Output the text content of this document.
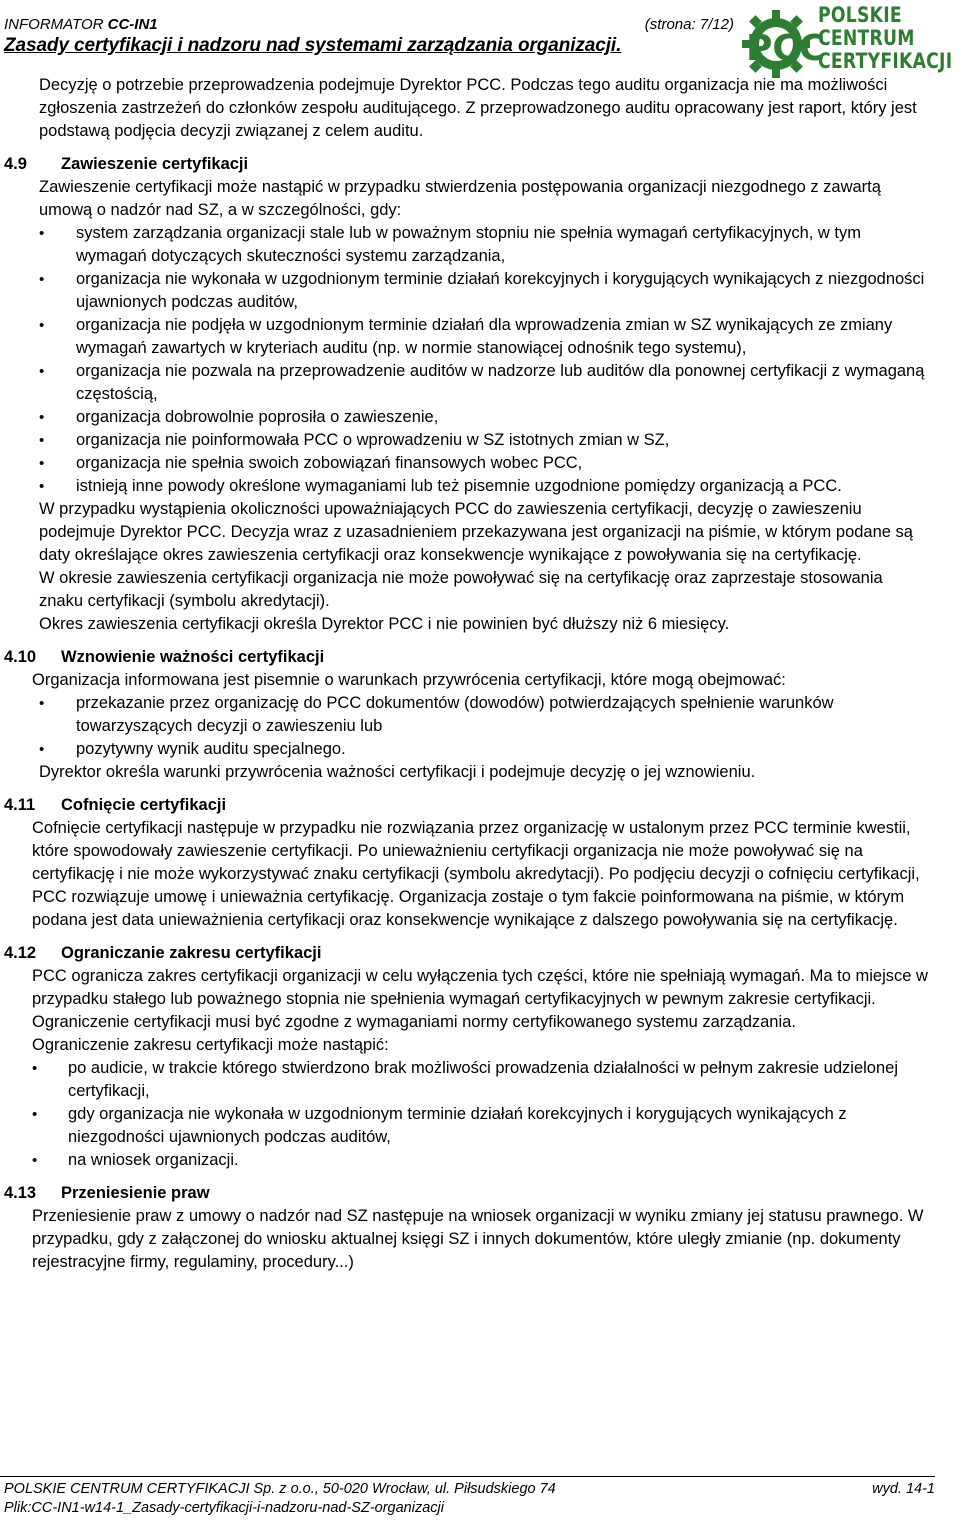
INFORMATOR CC-IN1	(strona: 7/12)
Zasady certyfikacji i nadzoru nad systemami zarządzania organizacji.	PCC
POLSKIE
CENTRUM
CERTYFIKACJI

Decyzję o potrzebie przeprowadzenia podejmuje Dyrektor PCC. Podczas tego auditu organizacja nie ma możliwości zgłoszenia zastrzeżeń do członków zespołu auditującego. Z przeprowadzonego auditu opracowany jest raport, który jest podstawą podjęcia decyzji związanej z celem auditu.

4.9 Zawieszenie certyfikacji

Zawieszenie certyfikacji może nastąpić w przypadku stwierdzenia postępowania organizacji niezgodnego z zawartą umową o nadzór nad SZ, a w szczególności, gdy:

• system zarządzania organizacji stale lub w poważnym stopniu nie spełnia wymagań certyfikacyjnych, w tym wymagań dotyczących skuteczności systemu zarządzania,
• organizacja nie wykonała w uzgodnionym terminie działań korekcyjnych i korygujących wynikających z niezgodności ujawnionych podczas auditów,
• organizacja nie podjęła w uzgodnionym terminie działań dla wprowadzenia zmian w SZ wynikających ze zmiany wymagań zawartych w kryteriach auditu (np. w normie stanowiącej odnośnik tego systemu),
• organizacja nie pozwala na przeprowadzenie auditów w nadzorze lub auditów dla ponownej certyfikacji z wymaganą częstością,
• organizacja dobrowolnie poprosiła o zawieszenie,
• organizacja nie poinformowała PCC o wprowadzeniu w SZ istotnych zmian w SZ,
• organizacja nie spełnia swoich zobowiązań finansowych wobec PCC,
• istnieją inne powody określone wymaganiami lub też pisemnie uzgodnione pomiędzy organizacją a PCC.

W przypadku wystąpienia okoliczności upoważniających PCC do zawieszenia certyfikacji, decyzję o zawieszeniu podejmuje Dyrektor PCC. Decyzja wraz z uzasadnieniem przekazywana jest organizacji na piśmie, w którym podane są daty określające okres zawieszenia certyfikacji oraz konsekwencje wynikające z powoływania się na certyfikację.

W okresie zawieszenia certyfikacji organizacja nie może powoływać się na certyfikację oraz zaprzestaje stosowania znaku certyfikacji (symbolu akredytacji).

Okres zawieszenia certyfikacji określa Dyrektor PCC i nie powinien być dłuższy niż 6 miesięcy.

4.10 Wznowienie ważności certyfikacji

Organizacja informowana jest pisemnie o warunkach przywrócenia certyfikacji, które mogą obejmować:

• przekazanie przez organizację do PCC dokumentów (dowodów) potwierdzających spełnienie warunków towarzyszących decyzji o zawieszeniu lub
• pozytywny wynik auditu specjalnego.

Dyrektor określa warunki przywrócenia ważności certyfikacji i podejmuje decyzję o jej wznowieniu.

4.11 Cofnięcie certyfikacji

Cofnięcie certyfikacji następuje w przypadku nie rozwiązania przez organizację w ustalonym przez PCC terminie kwestii, które spowodowały zawieszenie certyfikacji. Po unieważnieniu certyfikacji organizacja nie może powoływać się na certyfikację i nie może wykorzystywać znaku certyfikacji (symbolu akredytacji). Po podjęciu decyzji o cofnięciu certyfikacji, PCC rozwiązuje umowę i unieważnia certyfikację. Organizacja zostaje o tym fakcie poinformowana na piśmie, w którym podana jest data unieważnienia certyfikacji oraz konsekwencje wynikające z dalszego powoływania się na certyfikację.

4.12 Ograniczanie zakresu certyfikacji

PCC ogranicza zakres certyfikacji organizacji w celu wyłączenia tych części, które nie spełniają wymagań. Ma to miejsce w przypadku stałego lub poważnego stopnia nie spełnienia wymagań certyfikacyjnych w pewnym zakresie certyfikacji. Ograniczenie certyfikacji musi być zgodne z wymaganiami normy certyfikowanego systemu zarządzania.

Ograniczenie zakresu certyfikacji może nastąpić:

• po audicie, w trakcie którego stwierdzono brak możliwości prowadzenia działalności w pełnym zakresie udzielonej certyfikacji,
• gdy organizacja nie wykonała w uzgodnionym terminie działań korekcyjnych i korygujących wynikających z niezgodności ujawnionych podczas auditów,
• na wniosek organizacji.

4.13 Przeniesienie praw

Przeniesienie praw z umowy o nadzór nad SZ następuje na wniosek organizacji w wyniku zmiany jej statusu prawnego. W przypadku, gdy z załączonej do wniosku aktualnej księgi SZ i innych dokumentów, które uległy zmianie (np. dokumenty rejestracyjne firmy, regulaminy, procedury...)

POLSKIE CENTRUM CERTYFIKACJI Sp. z o.o., 50-020 Wrocław, ul. Piłsudskiego 74	wyd. 14-1
Plik:CC-IN1-w14-1_Zasady-certyfikacji-i-nadzoru-nad-SZ-organizacji
